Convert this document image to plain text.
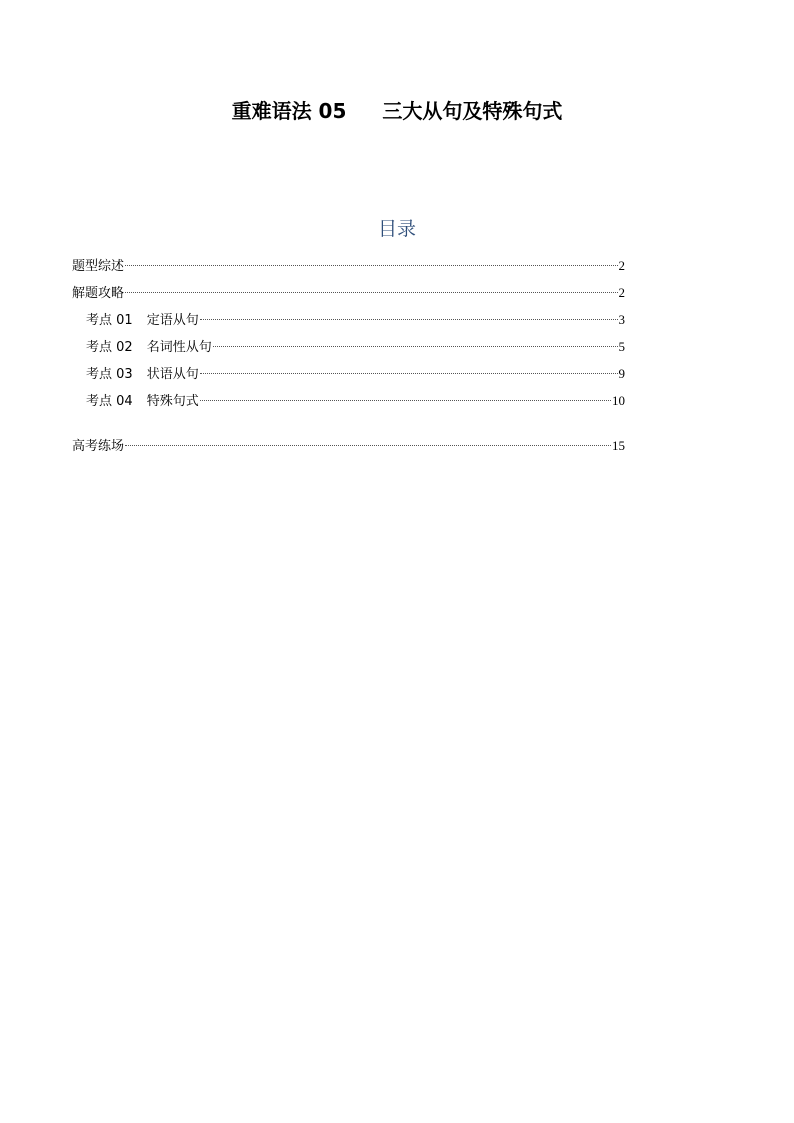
重难语法 05 三大从句及特殊句式
目录
题型综述	2
解题攻略	2
考点 01 定语从句	3
考点 02 名词性从句	5
考点 03 状语从句	9
考点 04 特殊句式	10
高考练场	15
